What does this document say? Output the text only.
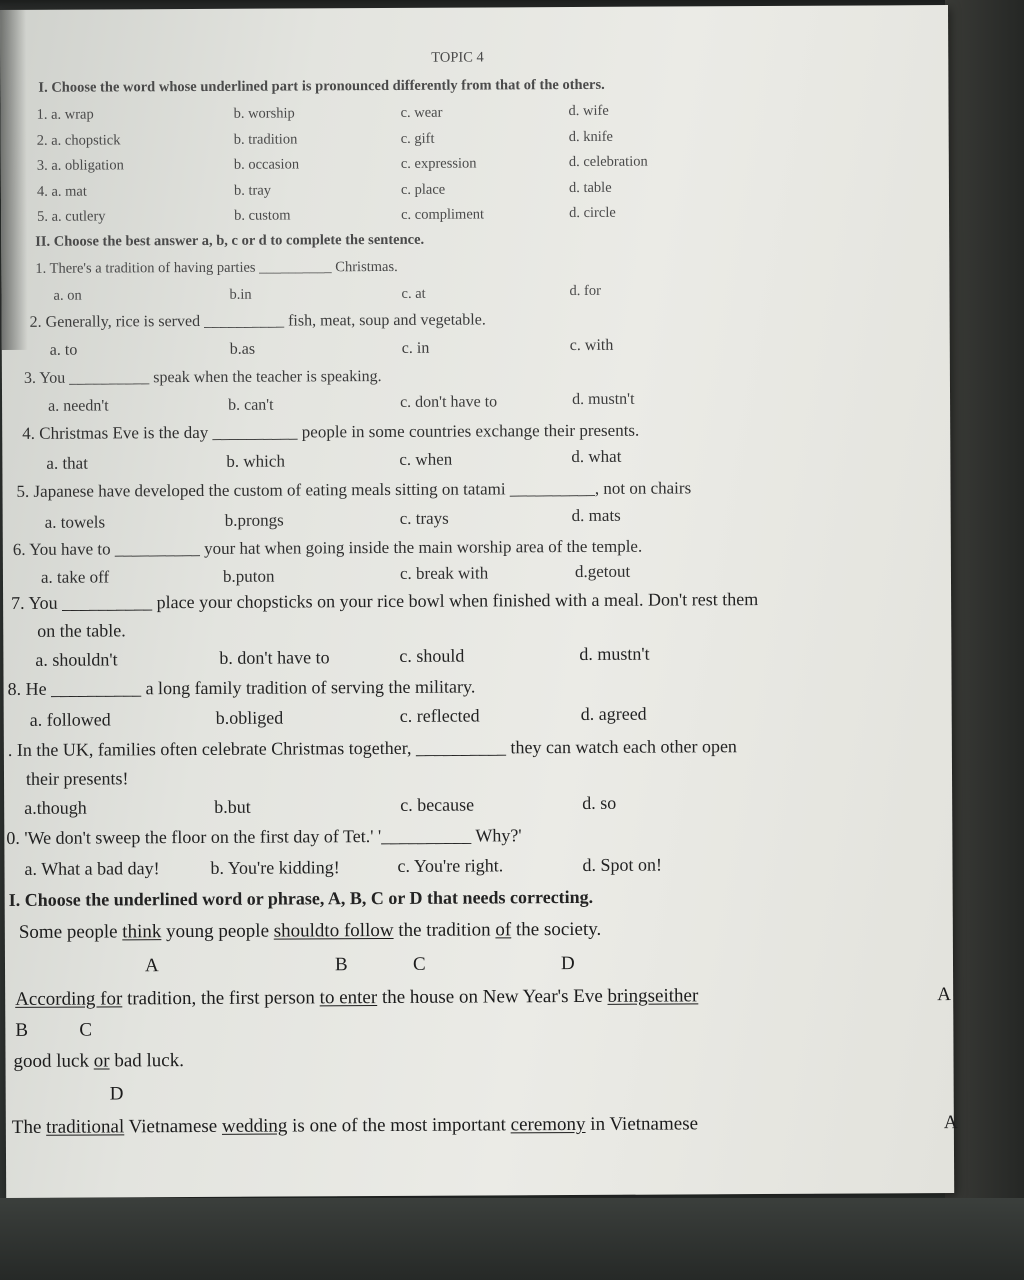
TOPIC 4
I. Choose the word whose underlined part is pronounced differently from that of the others.
1. a. wrap	b. worship	c. wear	d. wife
2. a. chopstick	b. tradition	c. gift	d. knife
3. a. obligation	b. occasion	c. expression	d. celebration
4. a. mat	b. tray	c. place	d. table
5. a. cutlery	b. custom	c. compliment	d. circle
II. Choose the best answer a, b, c or d to complete the sentence.
1. There's a tradition of having parties __________ Christmas.
a. on	b.in	c. at	d. for
2. Generally, rice is served __________ fish, meat, soup and vegetable.
a. to	b.as	c. in	c. with
3. You __________ speak when the teacher is speaking.
a. needn't	b. can't	c. don't have to	d. mustn't
4. Christmas Eve is the day __________ people in some countries exchange their presents.
a. that	b. which	c. when	d. what
5. Japanese have developed the custom of eating meals sitting on tatami __________, not on chairs
a. towels	b.prongs	c. trays	d. mats
6. You have to __________ your hat when going inside the main worship area of the temple.
a. take off	b.puton	c. break with	d.getout
7. You __________ place your chopsticks on your rice bowl when finished with a meal. Don't rest them
on the table.
a. shouldn't	b. don't have to	c. should	d. mustn't
8. He __________ a long family tradition of serving the military.
a. followed	b.obliged	c. reflected	d. agreed
. In the UK, families often celebrate Christmas together, __________ they can watch each other open
their presents!
a.though	b.but	c. because	d. so
0. 'We don't sweep the floor on the first day of Tet.' '__________ Why?'
a. What a bad day!	b. You're kidding!	c. You're right.	d. Spot on!
I. Choose the underlined word or phrase, A, B, C or D that needs correcting.
Some people think young people shouldto follow the tradition of the society.
A	B	C	D
According for tradition, the first person to enter the house on New Year's Eve bringseither	A
B	C
good luck or bad luck.
D
The traditional Vietnamese wedding is one of the most important ceremony in Vietnamese	A
